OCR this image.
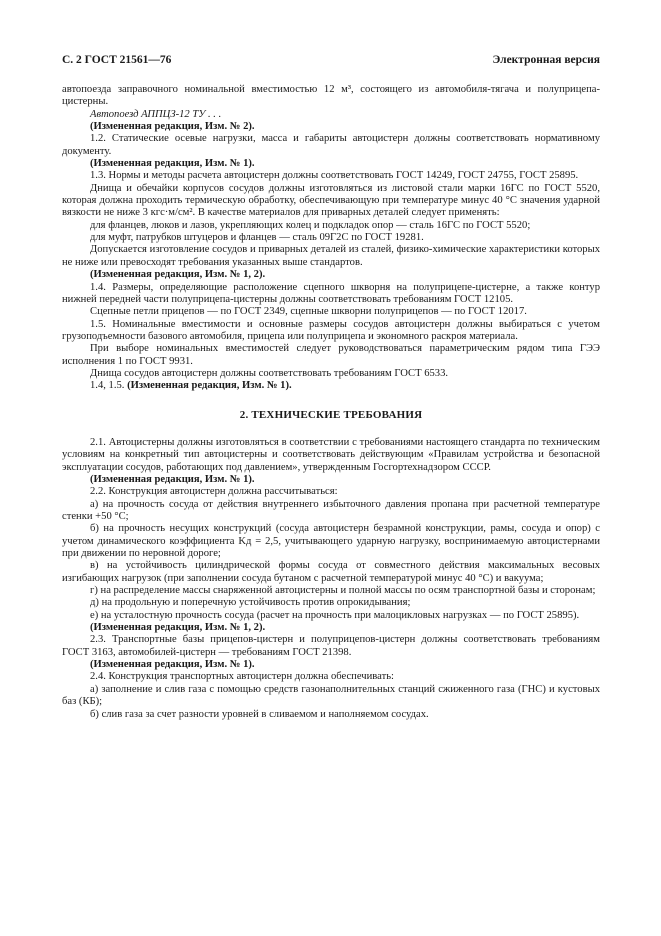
С. 2 ГОСТ 21561—76	Электронная версия

автопоезда заправочного номинальной вместимостью 12 м³, состоящего из автомобиля-тягача и полуприцепа-цистерны.

Автопоезд АППЦЗ-12 ТУ . . .

(Измененная редакция, Изм. № 2).

1.2. Статические осевые нагрузки, масса и габариты автоцистерн должны соответствовать нормативному документу.

(Измененная редакция, Изм. № 1).

1.3. Нормы и методы расчета автоцистерн должны соответствовать ГОСТ 14249, ГОСТ 24755, ГОСТ 25895.

Днища и обечайки корпусов сосудов должны изготовляться из листовой стали марки 16ГС по ГОСТ 5520, которая должна проходить термическую обработку, обеспечивающую при температуре минус 40 °С значения ударной вязкости не ниже 3 кгс·м/см². В качестве материалов для приварных деталей следует применять:

для фланцев, люков и лазов, укрепляющих колец и подкладок опор — сталь 16ГС по ГОСТ 5520;

для муфт, патрубков штуцеров и фланцев — сталь 09Г2С по ГОСТ 19281.

Допускается изготовление сосудов и приварных деталей из сталей, физико-химические характеристики которых не ниже или превосходят требования указанных выше стандартов.

(Измененная редакция, Изм. № 1, 2).

1.4. Размеры, определяющие расположение сцепного шкворня на полуприцепе-цистерне, а также контур нижней передней части полуприцепа-цистерны должны соответствовать требованиям ГОСТ 12105.

Сцепные петли прицепов — по ГОСТ 2349, сцепные шкворни полуприцепов — по ГОСТ 12017.

1.5. Номинальные вместимости и основные размеры сосудов автоцистерн должны выбираться с учетом грузоподъемности базового автомобиля, прицепа или полуприцепа и экономного раскроя материала.

При выборе номинальных вместимостей следует руководствоваться параметрическим рядом типа ГЭЭ исполнения 1 по ГОСТ 9931.

Днища сосудов автоцистерн должны соответствовать требованиям ГОСТ 6533.

1.4, 1.5. (Измененная редакция, Изм. № 1).

2. ТЕХНИЧЕСКИЕ ТРЕБОВАНИЯ

2.1. Автоцистерны должны изготовляться в соответствии с требованиями настоящего стандарта по техническим условиям на конкретный тип автоцистерны и соответствовать действующим «Правилам устройства и безопасной эксплуатации сосудов, работающих под давлением», утвержденным Госгортехнадзором СССР.

(Измененная редакция, Изм. № 1).

2.2. Конструкция автоцистерн должна рассчитываться:

а) на прочность сосуда от действия внутреннего избыточного давления пропана при расчетной температуре стенки +50 °С;

б) на прочность несущих конструкций (сосуда автоцистерн безрамной конструкции, рамы, сосуда и опор) с учетом динамического коэффициента Kд = 2,5, учитывающего ударную нагрузку, воспринимаемую автоцистернами при движении по неровной дороге;

в) на устойчивость цилиндрической формы сосуда от совместного действия максимальных весовых изгибающих нагрузок (при заполнении сосуда бутаном с расчетной температурой минус 40 °С) и вакуума;

г) на распределение массы снаряженной автоцистерны и полной массы по осям транспортной базы и сторонам;

д) на продольную и поперечную устойчивость против опрокидывания;

е) на усталостную прочность сосуда (расчет на прочность при малоцикловых нагрузках — по ГОСТ 25895).

(Измененная редакция, Изм. № 1, 2).

2.3. Транспортные базы прицепов-цистерн и полуприцепов-цистерн должны соответствовать требованиям ГОСТ 3163, автомобилей-цистерн — требованиям ГОСТ 21398.

(Измененная редакция, Изм. № 1).

2.4. Конструкция транспортных автоцистерн должна обеспечивать:

а) заполнение и слив газа с помощью средств газонаполнительных станций сжиженного газа (ГНС) и кустовых баз (КБ);

б) слив газа за счет разности уровней в сливаемом и наполняемом сосудах.
